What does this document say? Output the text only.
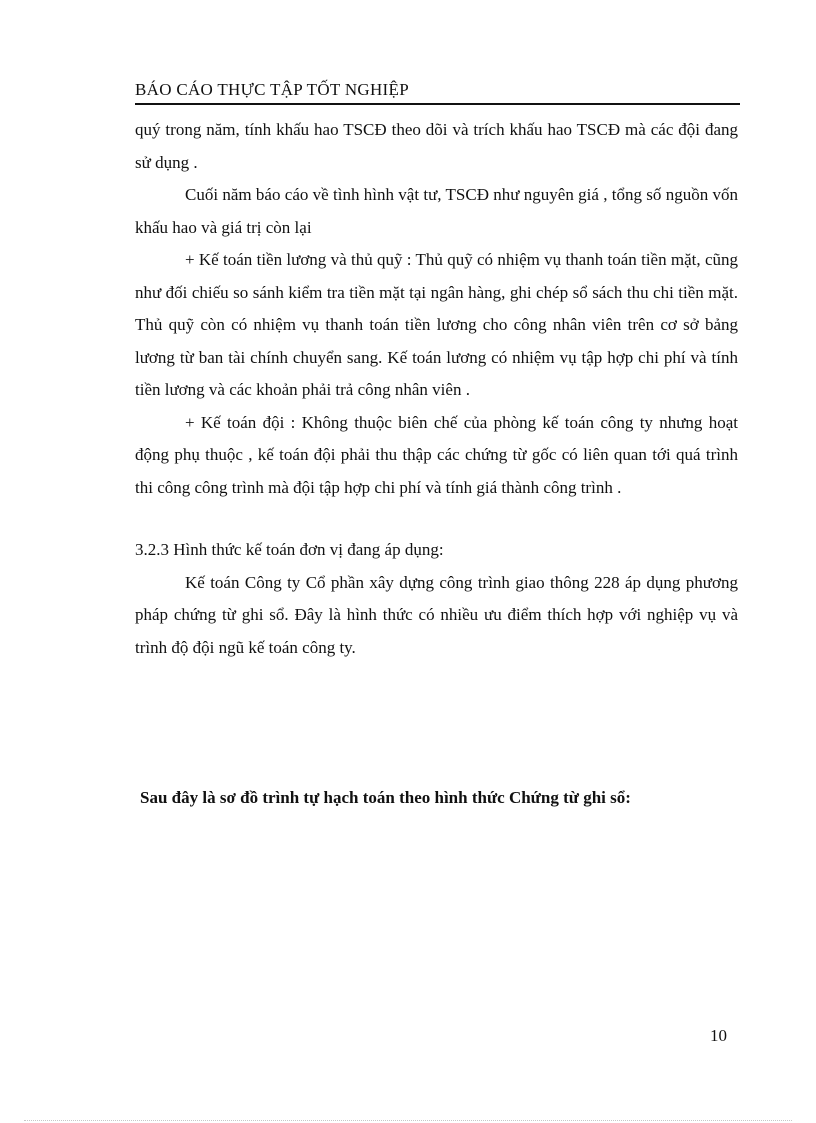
BÁO CÁO THỰC TẬP TỐT NGHIỆP

quý trong năm, tính khấu hao TSCĐ theo dõi và trích khấu hao TSCĐ mà các đội đang sử dụng .

Cuối năm báo cáo về tình hình vật tư, TSCĐ như nguyên giá , tổng số nguồn vốn khấu hao và giá trị còn lại

+ Kế toán tiền lương và thủ quỹ : Thủ quỹ có nhiệm vụ thanh toán tiền mặt, cũng như đối chiếu so sánh kiểm tra tiền mặt tại ngân hàng, ghi chép sổ sách thu chi tiền mặt. Thủ quỹ còn có nhiệm vụ thanh toán tiền lương cho công nhân viên trên cơ sở bảng lương từ ban tài chính chuyển sang. Kế toán lương có nhiệm vụ tập hợp chi phí và tính tiền lương và các khoản phải trả công nhân viên .

+ Kế toán đội : Không thuộc biên chế của phòng kế toán công ty nhưng hoạt động phụ thuộc , kế toán đội phải thu thập các chứng từ gốc có liên quan tới quá trình thi công công trình mà đội tập hợp chi phí và tính giá thành công trình .

3.2.3 Hình thức kế toán đơn vị đang áp dụng:

Kế toán Công ty Cổ phần xây dựng công trình giao thông 228 áp dụng phương pháp chứng từ ghi sổ. Đây là hình thức có nhiều ưu điểm thích hợp với nghiệp vụ và trình độ đội ngũ kế toán công ty.

Sau đây là sơ đồ trình tự hạch toán theo hình thức Chứng từ ghi sổ:
10
